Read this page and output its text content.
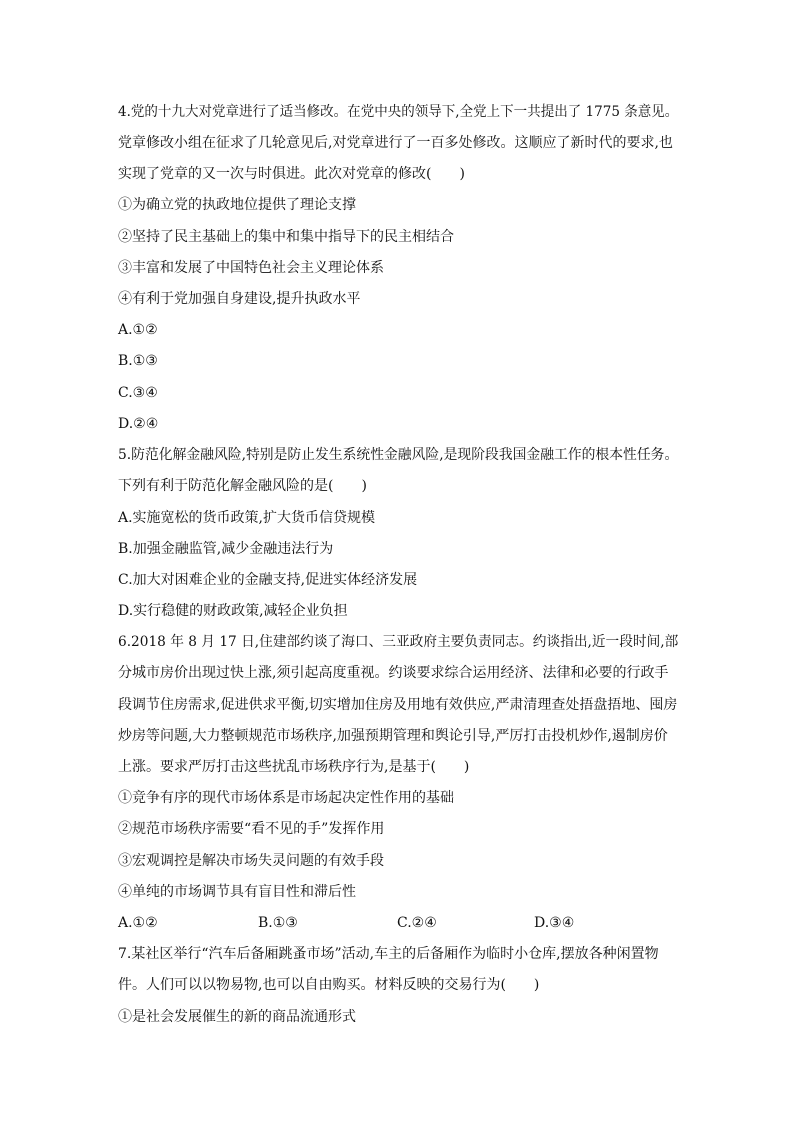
4.党的十九大对党章进行了适当修改。在党中央的领导下,全党上下一共提出了 1775 条意见。
党章修改小组在征求了几轮意见后,对党章进行了一百多处修改。这顺应了新时代的要求,也
实现了党章的又一次与时俱进。此次对党章的修改(　　)
①为确立党的执政地位提供了理论支撑
②坚持了民主基础上的集中和集中指导下的民主相结合
③丰富和发展了中国特色社会主义理论体系
④有利于党加强自身建设,提升执政水平
A.①②
B.①③
C.③④
D.②④
5.防范化解金融风险,特别是防止发生系统性金融风险,是现阶段我国金融工作的根本性任务。
下列有利于防范化解金融风险的是(　　)
A.实施宽松的货币政策,扩大货币信贷规模
B.加强金融监管,减少金融违法行为
C.加大对困难企业的金融支持,促进实体经济发展
D.实行稳健的财政政策,减轻企业负担
6.2018 年 8 月 17 日,住建部约谈了海口、三亚政府主要负责同志。约谈指出,近一段时间,部
分城市房价出现过快上涨,须引起高度重视。约谈要求综合运用经济、法律和必要的行政手
段调节住房需求,促进供求平衡,切实增加住房及用地有效供应,严肃清理查处捂盘捂地、囤房
炒房等问题,大力整顿规范市场秩序,加强预期管理和舆论引导,严厉打击投机炒作,遏制房价
上涨。要求严厉打击这些扰乱市场秩序行为,是基于(　　)
①竞争有序的现代市场体系是市场起决定性作用的基础
②规范市场秩序需要“看不见的手”发挥作用
③宏观调控是解决市场失灵问题的有效手段
④单纯的市场调节具有盲目性和滞后性
A.①②	B.①③	C.②④	D.③④
7.某社区举行“汽车后备厢跳蚤市场”活动,车主的后备厢作为临时小仓库,摆放各种闲置物
件。人们可以以物易物,也可以自由购买。材料反映的交易行为(　　)
①是社会发展催生的新的商品流通形式
